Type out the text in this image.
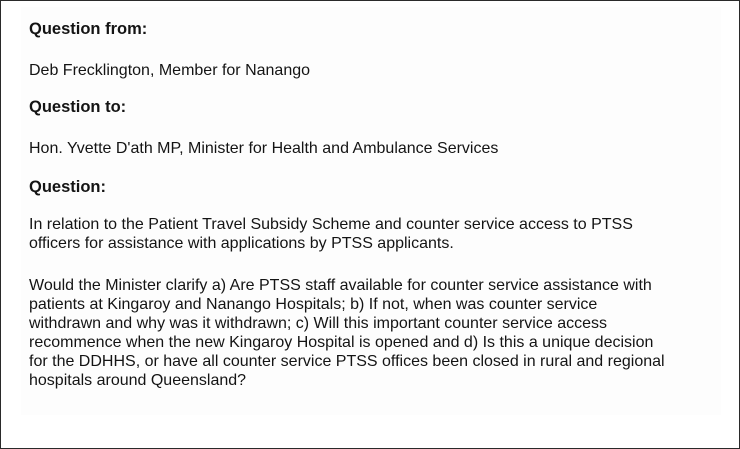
Question from:

Deb Frecklington, Member for Nanango

Question to:

Hon. Yvette D'ath MP, Minister for Health and Ambulance Services

Question:

In relation to the Patient Travel Subsidy Scheme and counter service access to PTSS
officers for assistance with applications by PTSS applicants.
Would the Minister clarify a) Are PTSS staff available for counter service assistance with
patients at Kingaroy and Nanango Hospitals; b) If not, when was counter service
withdrawn and why was it withdrawn; c) Will this important counter service access
recommence when the new Kingaroy Hospital is opened and d) Is this a unique decision
for the DDHHS, or have all counter service PTSS offices been closed in rural and regional
hospitals around Queensland?
